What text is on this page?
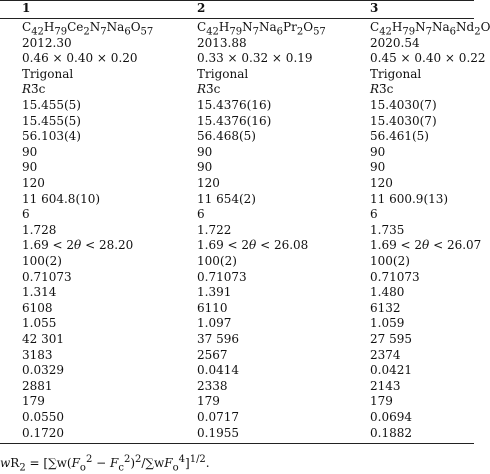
1	2	3
$C_{42}H_{79}Ce_2N_7Na_6O_{57}$	$C_{42}H_{79}N_7Na_6Pr_2O_{57}$	$C_{42}H_{79}N_7Na_6Nd_2O$
2012.30	2013.88	2020.54
0.46 × 0.40 × 0.20	0.33 × 0.32 × 0.19	0.45 × 0.40 × 0.22
Trigonal	Trigonal	Trigonal
R3̄c	R3̄c	R3̄c
15.455(5)	15.4376(16)	15.4030(7)
15.455(5)	15.4376(16)	15.4030(7)
56.103(4)	56.468(5)	56.461(5)
90	90	90
90	90	90
120	120	120
11 604.8(10)	11 654(2)	11 600.9(13)
6	6	6
1.728	1.722	1.735
1.69 < 2θ < 28.20	1.69 < 2θ < 26.08	1.69 < 2θ < 26.07
100(2)	100(2)	100(2)
0.71073	0.71073	0.71073
1.314	1.391	1.480
6108	6110	6132
1.055	1.097	1.059
42 301	37 596	27 595
3183	2567	2374
0.0329	0.0414	0.0421
2881	2338	2143
179	179	179
0.0550	0.0717	0.0694
0.1720	0.1955	0.1882
$wR_2 = [\sum w(F_o^2 - F_c^2)^2/\sum wF_o^4]^{1/2}$.
